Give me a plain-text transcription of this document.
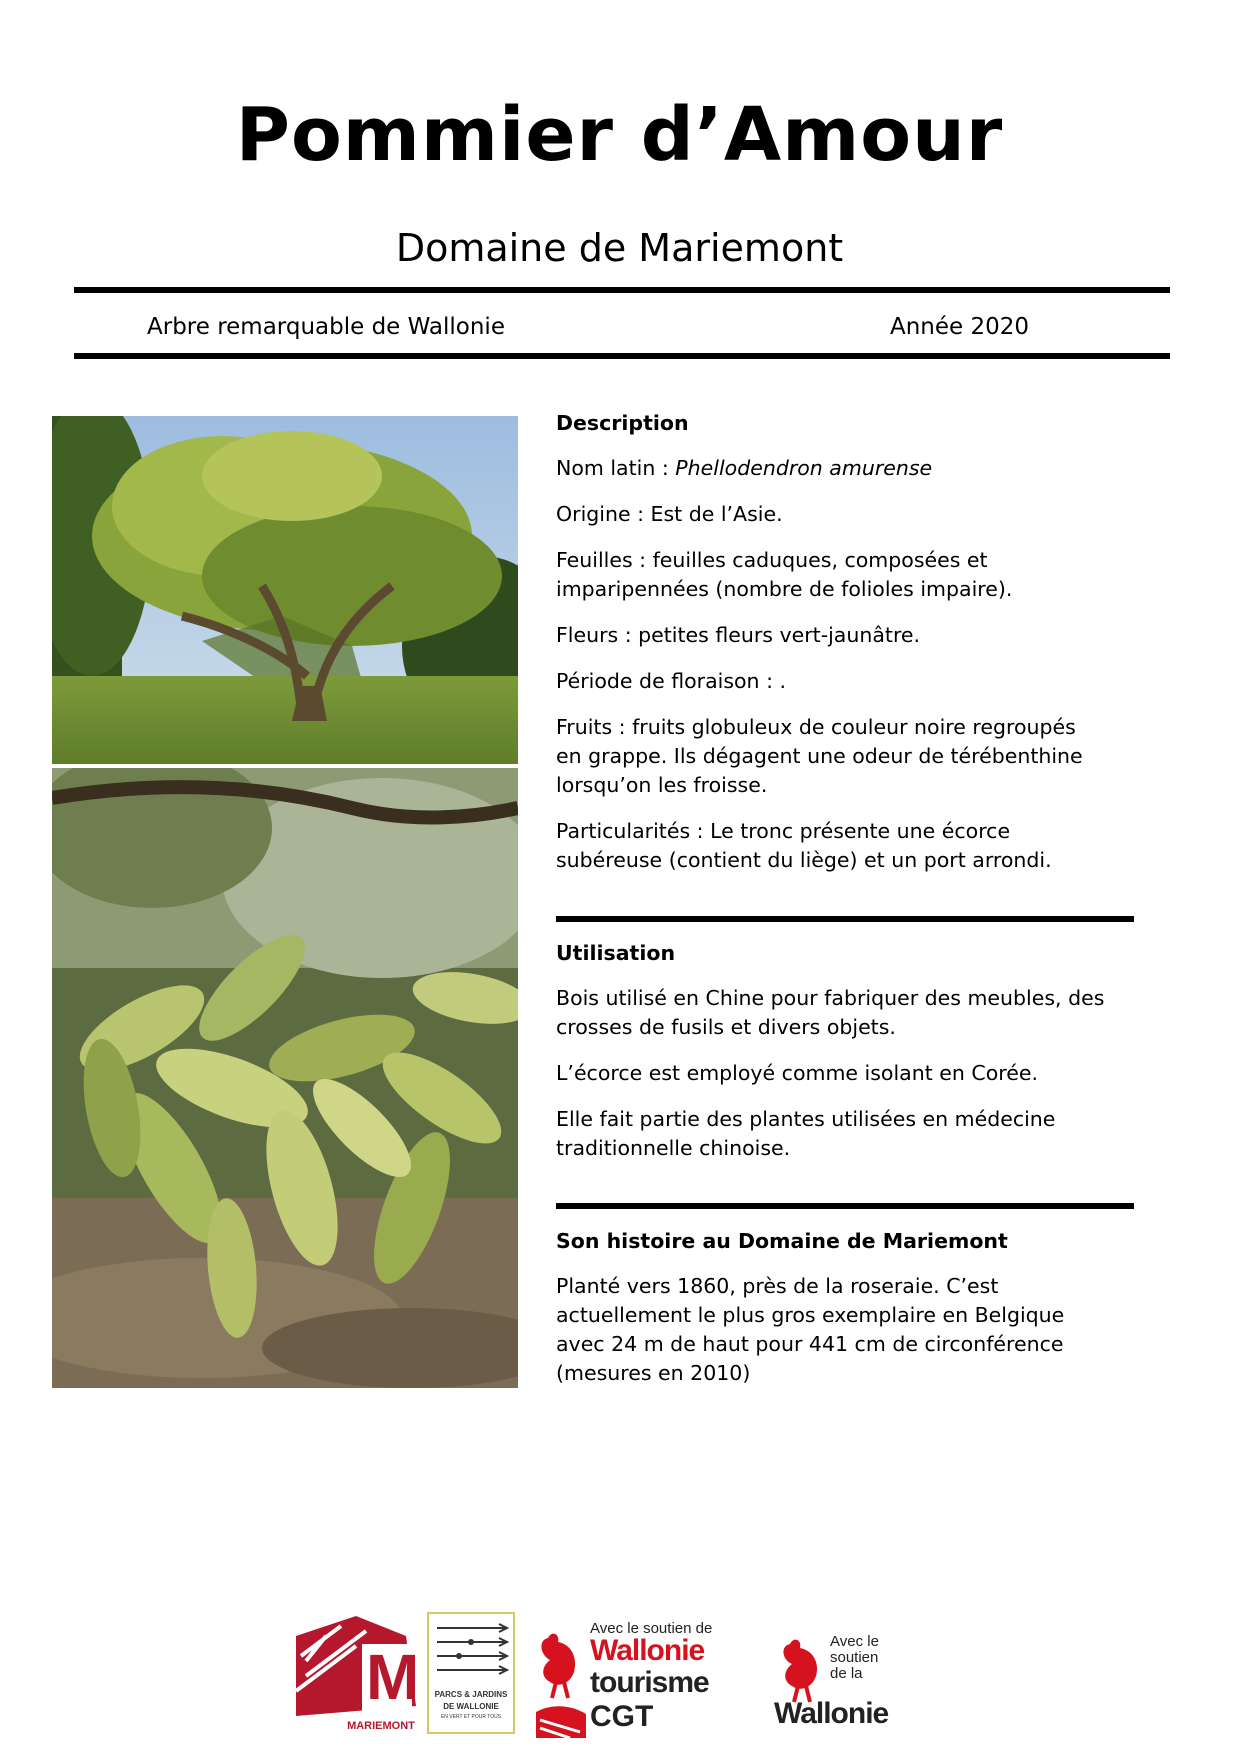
Pommier d’Amour
Domaine de Mariemont
Arbre remarquable de Wallonie	Année 2020
Description

Nom latin : Phellodendron amurense

Origine : Est de l’Asie.

Feuilles : feuilles caduques, composées et

imparipennées (nombre de folioles impaire).

Fleurs : petites fleurs vert-jaunâtre.

Période de floraison : .

Fruits : fruits globuleux de couleur noire regroupés

en grappe. Ils dégagent une odeur de térébenthine

lorsqu’on les froisse.

Particularités : Le tronc présente une écorce

subéreuse (contient du liège) et un port arrondi.

Utilisation

Bois utilisé en Chine pour fabriquer des meubles, des

crosses de fusils et divers objets.

L’écorce est employé comme isolant en Corée.

Elle fait partie des plantes utilisées en médecine

traditionnelle chinoise.

Son histoire au Domaine de Mariemont

Planté vers 1860, près de la roseraie. C’est

actuellement le plus gros exemplaire en Belgique

avec 24 m de haut pour 441 cm de circonférence

(mesures en 2010)

M
MARIEMONT
PARCS & JARDINS
DE WALLONIE
EN VERT ET POUR TOUS
Avec le soutien de
Wallonie
tourisme
CGT
Avec le
soutien
de la
Wallonie
